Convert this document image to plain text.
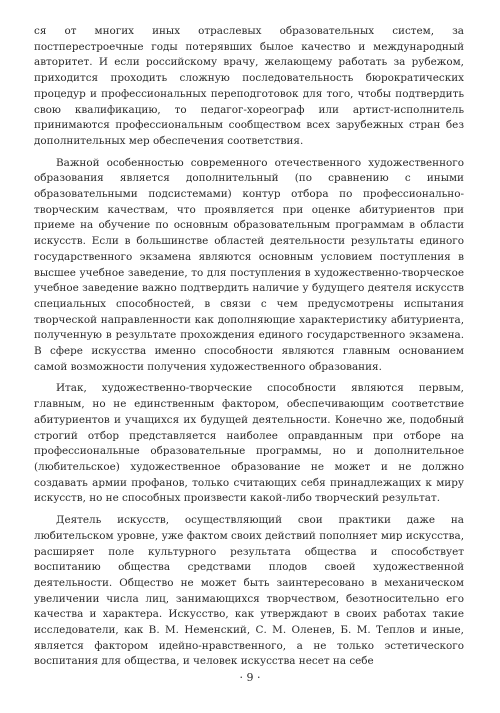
ся от многих иных отраслевых образовательных систем, за постперестроечные годы потерявших былое качество и международный авторитет. И если российскому врачу, желающему работать за рубежом, приходится проходить сложную последовательность бюрократических процедур и профессиональных переподготовок для того, чтобы подтвердить свою квалификацию, то педагог-хореограф или артист-исполнитель принимаются профессиональным сообществом всех зарубежных стран без дополнительных мер обеспечения соответствия.

Важной особенностью современного отечественного художественного образования является дополнительный (по сравнению с иными образовательными подсистемами) контур отбора по профессионально-творческим качествам, что проявляется при оценке абитуриентов при приеме на обучение по основным образовательным программам в области искусств. Если в большинстве областей деятельности результаты единого государственного экзамена являются основным условием поступления в высшее учебное заведение, то для поступления в художественно-творческое учебное заведение важно подтвердить наличие у будущего деятеля искусств специальных способностей, в связи с чем предусмотрены испытания творческой направленности как дополняющие характеристику абитуриента, полученную в результате прохождения единого государственного экзамена. В сфере искусства именно способности являются главным основанием самой возможности получения художественного образования.

Итак, художественно-творческие способности являются первым, главным, но не единственным фактором, обеспечивающим соответствие абитуриентов и учащихся их будущей деятельности. Конечно же, подобный строгий отбор представляется наиболее оправданным при отборе на профессиональные образовательные программы, но и дополнительное (любительское) художественное образование не может и не должно создавать армии профанов, только считающих себя принадлежащих к миру искусств, но не способных произвести какой-либо творческий результат.

Деятель искусств, осуществляющий свои практики даже на любительском уровне, уже фактом своих действий пополняет мир искусства, расширяет поле культурного результата общества и способствует воспитанию общества средствами плодов своей художественной деятельности. Общество не может быть заинтересовано в механическом увеличении числа лиц, занимающихся творчеством, безотносительно его качества и характера. Искусство, как утверждают в своих работах такие исследователи, как В. М. Неменский, С. М. Оленев, Б. М. Теплов и иные, является фактором идейно-нравственного, а не только эстетического воспитания для общества, и человек искусства несет на себе

· 9 ·
